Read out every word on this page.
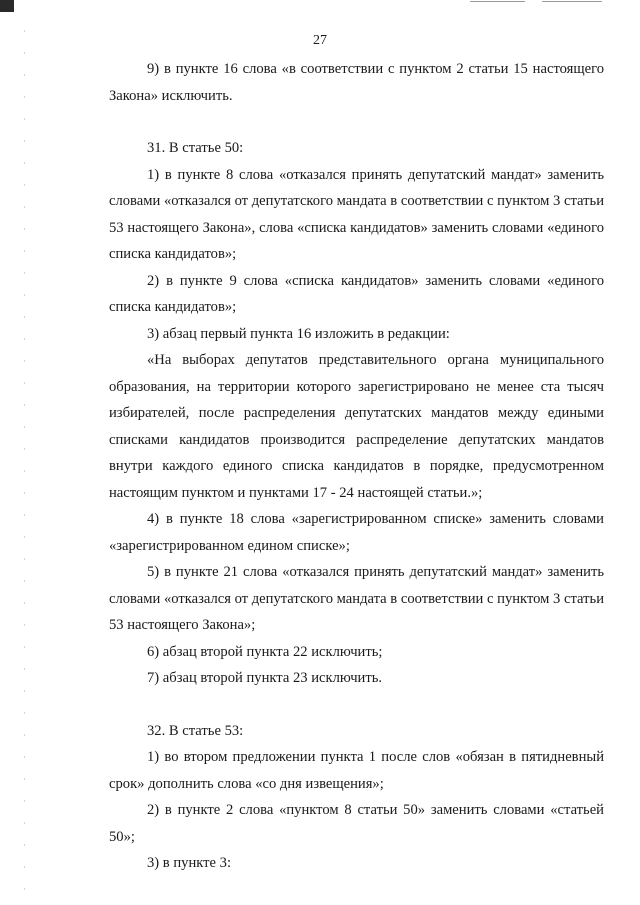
27

9) в пункте 16 слова «в соответствии с пунктом 2 статьи 15 настоящего Закона» исключить.

31. В статье 50:

1) в пункте 8 слова «отказался принять депутатский мандат» заменить словами «отказался от депутатского мандата в соответствии с пунктом 3 статьи 53 настоящего Закона», слова «списка кандидатов» заменить словами «единого списка кандидатов»;

2) в пункте 9 слова «списка кандидатов» заменить словами «единого списка кандидатов»;

3) абзац первый пункта 16 изложить в редакции:

«На выборах депутатов представительного органа муниципального образования, на территории которого зарегистрировано не менее ста тысяч избирателей, после распределения депутатских мандатов между едиными списками кандидатов производится распределение депутатских мандатов внутри каждого единого списка кандидатов в порядке, предусмотренном настоящим пунктом и пунктами 17 - 24 настоящей статьи.»;

4) в пункте 18 слова «зарегистрированном списке» заменить словами «зарегистрированном едином списке»;

5) в пункте 21 слова «отказался принять депутатский мандат» заменить словами «отказался от депутатского мандата в соответствии с пунктом 3 статьи 53 настоящего Закона»;

6) абзац второй пункта 22 исключить;

7) абзац второй пункта 23 исключить.

32. В статье 53:

1) во втором предложении пункта 1 после слов «обязан в пятидневный срок» дополнить слова «со дня извещения»;

2) в пункте 2 слова «пунктом 8 статьи 50» заменить словами «статьей 50»;

3) в пункте 3:
